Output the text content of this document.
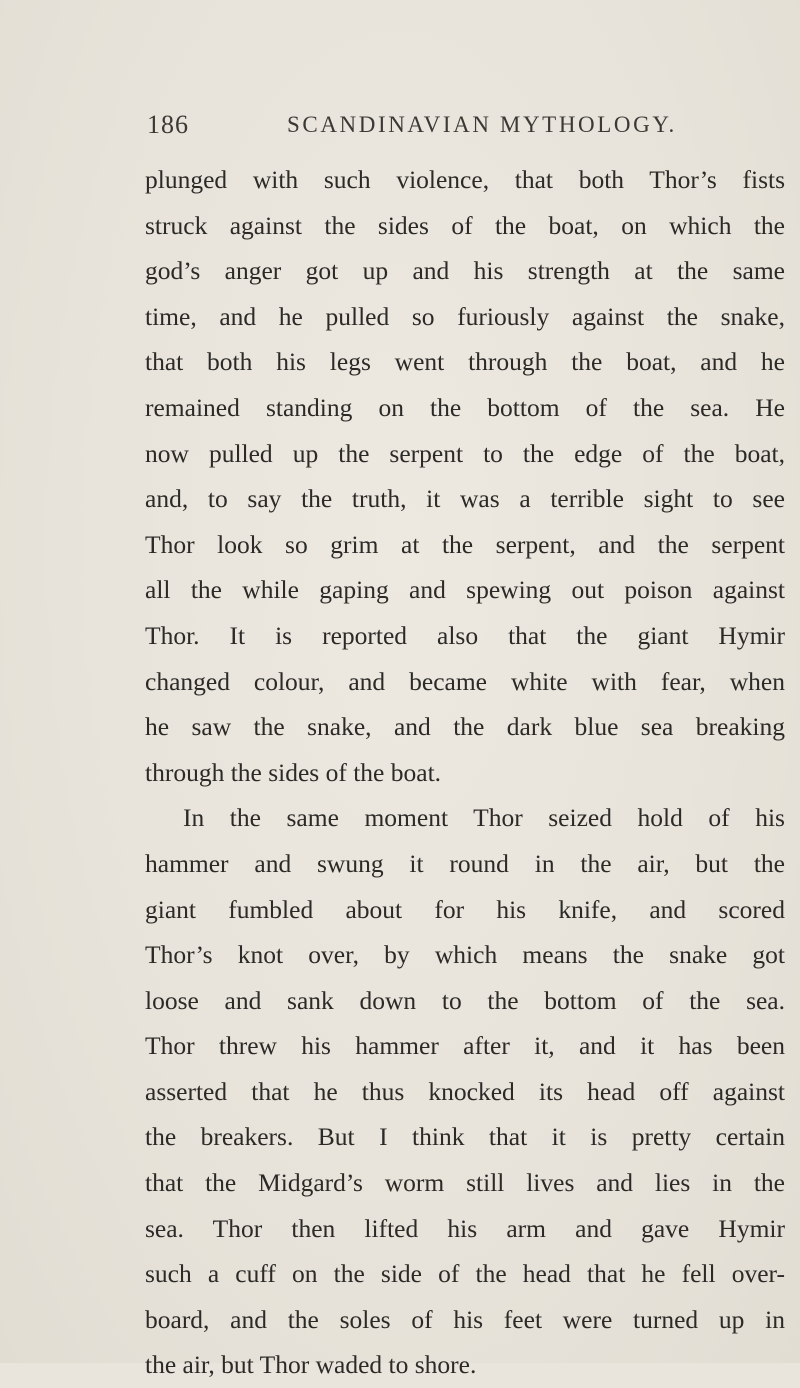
186	SCANDINAVIAN MYTHOLOGY.
plunged with such violence, that both Thor’s fists
struck against the sides of the boat, on which the
god’s anger got up and his strength at the same
time, and he pulled so furiously against the snake,
that both his legs went through the boat, and he
remained standing on the bottom of the sea. He
now pulled up the serpent to the edge of the boat,
and, to say the truth, it was a terrible sight to see
Thor look so grim at the serpent, and the serpent
all the while gaping and spewing out poison against
Thor. It is reported also that the giant Hymir
changed colour, and became white with fear, when
he saw the snake, and the dark blue sea breaking
through the sides of the boat.
In the same moment Thor seized hold of his
hammer and swung it round in the air, but the
giant fumbled about for his knife, and scored
Thor’s knot over, by which means the snake got
loose and sank down to the bottom of the sea.
Thor threw his hammer after it, and it has been
asserted that he thus knocked its head off against
the breakers. But I think that it is pretty certain
that the Midgard’s worm still lives and lies in the
sea. Thor then lifted his arm and gave Hymir
such a cuff on the side of the head that he fell over-
board, and the soles of his feet were turned up in
the air, but Thor waded to shore.
